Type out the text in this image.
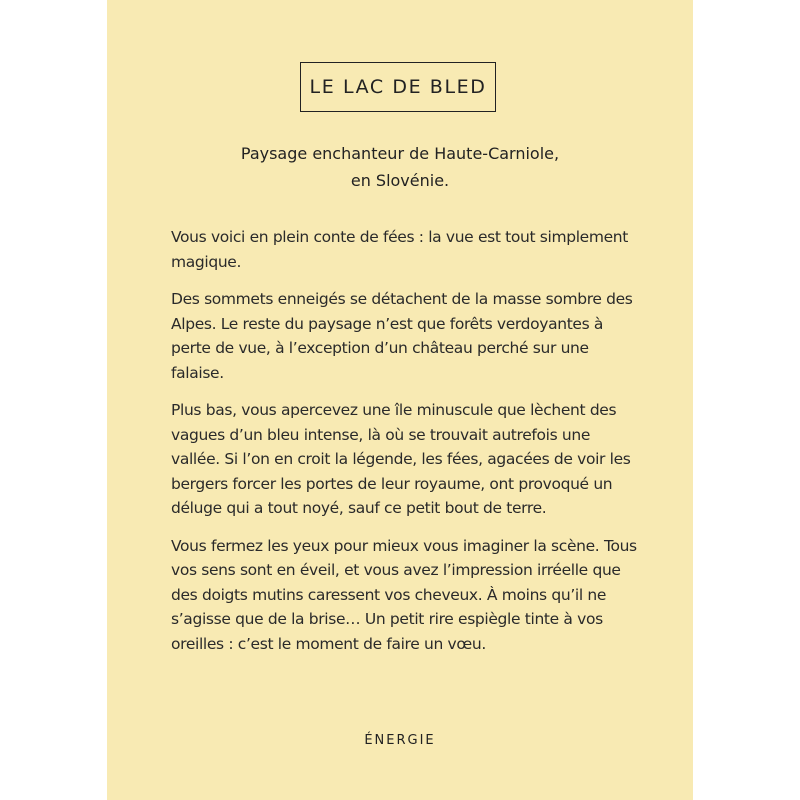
LE LAC DE BLED
Paysage enchanteur de Haute-Carniole,
en Slovénie.

Vous voici en plein conte de fées : la vue est tout simplement magique.

Des sommets enneigés se détachent de la masse sombre des Alpes. Le reste du paysage n’est que forêts verdoyantes à perte de vue, à l’exception d’un château perché sur une falaise.

Plus bas, vous apercevez une île minuscule que lèchent des vagues d’un bleu intense, là où se trouvait autrefois une vallée. Si l’on en croit la légende, les fées, agacées de voir les bergers forcer les portes de leur royaume, ont provoqué un déluge qui a tout noyé, sauf ce petit bout de terre.

Vous fermez les yeux pour mieux vous imaginer la scène. Tous vos sens sont en éveil, et vous avez l’impression irréelle que des doigts mutins caressent vos cheveux. À moins qu’il ne s’agisse que de la brise… Un petit rire espiègle tinte à vos oreilles : c’est le moment de faire un vœu.

ÉNERGIE
